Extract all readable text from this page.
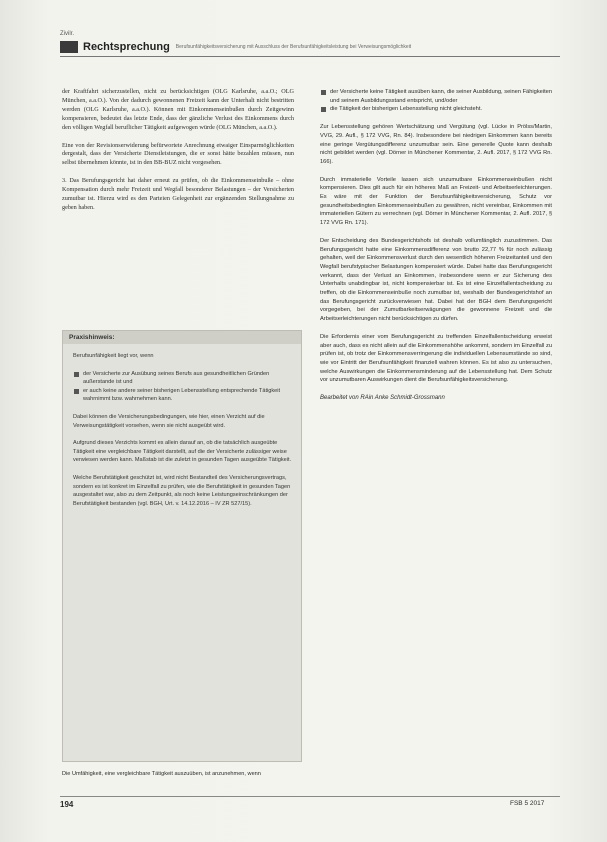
Zivilr.
Rechtsprechung Berufsunfähigkeitsversicherung mit Ausschluss der Berufsunfähigkeitsleistung bei Verweisungsmöglichkeit

der Kraftfahrt sicherzustellen, nicht zu berücksichtigen (OLG Karlsruhe, a.a.O.; OLG München, a.a.O.). Von der dadurch gewonnenen Freizeit kann der Unterhalt nicht bestritten werden (OLG Karlsruhe, a.a.O.). Können mit Einkommenseinbußen durch Zeitgewinn kompensieren, bedeutet das letzte Ende, dass der gänzliche Verlust des Einkommens durch den völligen Wegfall beruflicher Tätigkeit aufgewogen würde (OLG München, a.a.O.).

Eine von der Revisionserwiderung befürwortete Anrechnung etwaiger Einsparmöglichkeiten dergestalt, dass der Versicherte Dienstleistungen, die er sonst hätte bezahlen müssen, nun selbst übernehmen könnte, ist in den BB-BUZ nicht vorgesehen.

3. Das Berufungsgericht hat daher erneut zu prüfen, ob die Einkommenseinbuße – ohne Kompensation durch mehr Freizeit und Wegfall besonderer Belastungen – der Versicherten zumutbar ist. Hierzu wird es den Parteien Gelegenheit zur ergänzenden Stellungnahme zu geben haben.

Praxishinweis:

Berufsunfähigkeit liegt vor, wenn

der Versicherte zur Ausübung seines Berufs aus gesundheitlichen Gründen außerstande ist und
er auch keine andere seiner bisherigen Lebensstellung entsprechende Tätigkeit wahrnimmt bzw. wahrnehmen kann.

Dabei können die Versicherungsbedingungen, wie hier, einen Verzicht auf die Verweisungstätigkeit vorsehen, wenn sie nicht ausgeübt wird.

Aufgrund dieses Verzichts kommt es allein darauf an, ob die tatsächlich ausgeübte Tätigkeit eine vergleichbare Tätigkeit darstellt, auf die der Versicherte zulässiger weise verwiesen werden kann. Maßstab ist die zuletzt in gesunden Tagen ausgeübte Tätigkeit.

Welche Berufstätigkeit geschützt ist, wird nicht Bestandteil des Versicherungsvertrags, sondern es ist konkret im Einzelfall zu prüfen, wie die Berufstätigkeit in gesunden Tagen ausgestaltet war, also zu dem Zeitpunkt, als noch keine Leistungseinschränkungen der Berufstätigkeit bestanden (vgl. BGH, Urt. v. 14.12.2016 – IV ZR 527/15).

Die Umfähigkeit, eine vergleichbare Tätigkeit auszuüben, ist anzunehmen, wenn
der Versicherte keine Tätigkeit ausüben kann, die seiner Ausbildung, seinen Fähigkeiten und seinem Ausbildungsstand entspricht, und/oder
die Tätigkeit der bisherigen Lebensstellung nicht gleichsteht.

Zur Lebensstellung gehören Wertschätzung und Vergütung (vgl. Lücke in Prölss/Martin, VVG, 29. Aufl., § 172 VVG, Rn. 84). Insbesondere bei niedrigen Einkommen kann bereits eine geringe Vergütungsdifferenz unzumutbar sein. Eine generelle Quote kann deshalb nicht gebildet werden (vgl. Dörner in Münchener Kommentar, 2. Aufl. 2017, § 172 VVG Rn. 166).

Durch immaterielle Vorteile lassen sich unzumutbare Einkommenseinbußen nicht kompensieren. Dies gilt auch für ein höheres Maß an Freizeit- und Arbeitserleichterungen. Es wäre mit der Funktion der Berufsunfähigkeitsversicherung, Schutz vor gesundheitsbedingten Einkommenseinbußen zu gewähren, nicht vereinbar, Einkommen mit immateriellen Gütern zu verrechnen (vgl. Dörner in Münchener Kommentar, 2. Aufl. 2017, § 172 VVG Rn. 171).

Der Entscheidung des Bundesgerichtshofs ist deshalb vollumfänglich zuzustimmen. Das Berufungsgericht hatte eine Einkommensdifferenz von brutto 22,77 % für noch zulässig gehalten, weil der Einkommensverlust durch den wesentlich höheren Freizeitanteil und den Wegfall berufstypischer Belastungen kompensiert würde. Dabei hatte das Berufungsgericht verkannt, dass der Verlust an Einkommen, insbesondere wenn er zur Sicherung des Unterhalts unabdingbar ist, nicht kompensierbar ist. Es ist eine Einzelfallentscheidung zu treffen, ob die Einkommenseinbuße noch zumutbar ist, weshalb der Bundesgerichtshof an das Berufungsgericht zurückverwiesen hat. Dabei hat der BGH dem Berufungsgericht vorgegeben, bei der Zumutbarkeitserwägungen die gewonnene Freizeit und die Arbeitserleichterungen nicht berücksichtigen zu dürfen.

Die Erfordernis einer vom Berufungsgericht zu treffenden Einzelfallentscheidung erweist aber auch, dass es nicht allein auf die Einkommenshöhe ankommt, sondern im Einzelfall zu prüfen ist, ob trotz der Einkommensverringerung die individuellen Lebensumstände so sind, wie vor Eintritt der Berufsunfähigkeit finanziell wahren können. Es ist also zu untersuchen, welche Auswirkungen die Einkommensminderung auf die Lebensstellung hat. Dem Schutz vor unzumutbaren Auswirkungen dient die Berufsunfähigkeitsversicherung.

Bearbeitet von RAin Anke Schmidt-Grossmann
194	FSB 5 2017
